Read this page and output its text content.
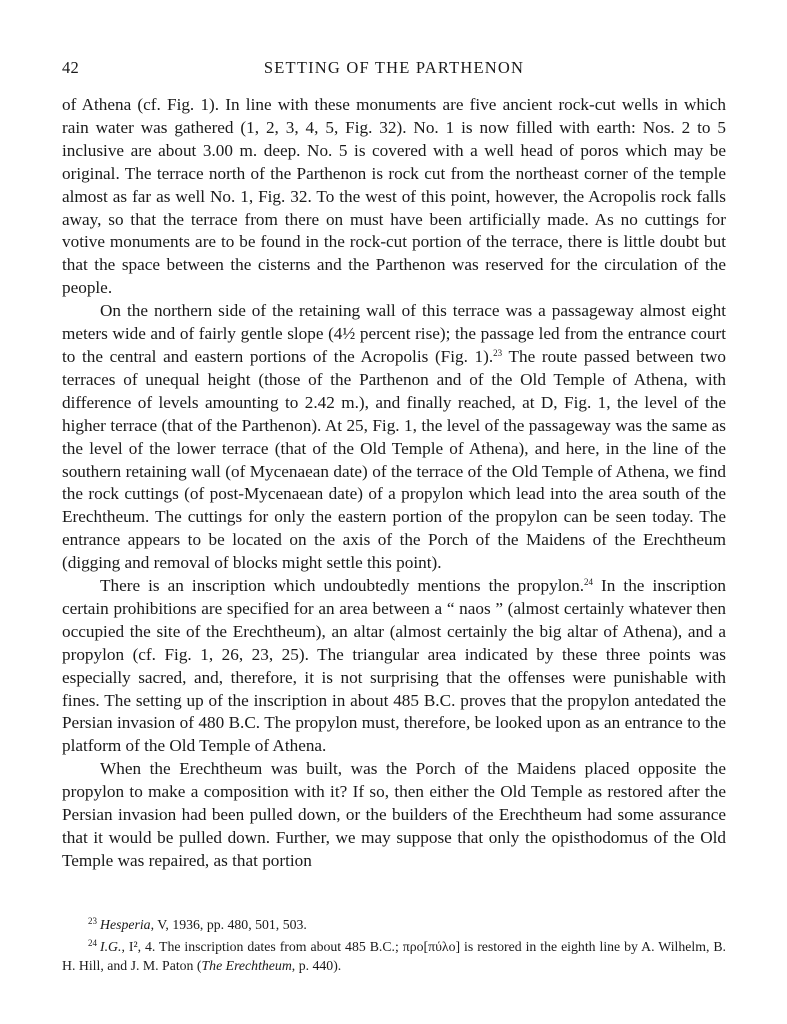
42	SETTING OF THE PARTHENON

of Athena (cf. Fig. 1). In line with these monuments are five ancient rock-cut wells in which rain water was gathered (1, 2, 3, 4, 5, Fig. 32). No. 1 is now filled with earth: Nos. 2 to 5 inclusive are about 3.00 m. deep. No. 5 is covered with a well head of poros which may be original. The terrace north of the Parthenon is rock cut from the northeast corner of the temple almost as far as well No. 1, Fig. 32. To the west of this point, however, the Acropolis rock falls away, so that the terrace from there on must have been artificially made. As no cuttings for votive monuments are to be found in the rock-cut portion of the terrace, there is little doubt but that the space between the cisterns and the Parthenon was reserved for the circulation of the people.

On the northern side of the retaining wall of this terrace was a passageway almost eight meters wide and of fairly gentle slope (4½ percent rise); the passage led from the entrance court to the central and eastern portions of the Acropolis (Fig. 1).$^{23}$ The route passed between two terraces of unequal height (those of the Parthenon and of the Old Temple of Athena, with difference of levels amounting to 2.42 m.), and finally reached, at D, Fig. 1, the level of the higher terrace (that of the Parthenon). At 25, Fig. 1, the level of the passageway was the same as the level of the lower terrace (that of the Old Temple of Athena), and here, in the line of the southern retaining wall (of Mycenaean date) of the terrace of the Old Temple of Athena, we find the rock cuttings (of post-Mycenaean date) of a propylon which lead into the area south of the Erechtheum. The cuttings for only the eastern portion of the propylon can be seen today. The entrance appears to be located on the axis of the Porch of the Maidens of the Erechtheum (digging and removal of blocks might settle this point).

There is an inscription which undoubtedly mentions the propylon.$^{24}$ In the inscription certain prohibitions are specified for an area between a “ naos ” (almost certainly whatever then occupied the site of the Erechtheum), an altar (almost certainly the big altar of Athena), and a propylon (cf. Fig. 1, 26, 23, 25). The triangular area indicated by these three points was especially sacred, and, therefore, it is not surprising that the offenses were punishable with fines. The setting up of the inscription in about 485 B.C. proves that the propylon antedated the Persian invasion of 480 B.C. The propylon must, therefore, be looked upon as an entrance to the platform of the Old Temple of Athena.

When the Erechtheum was built, was the Porch of the Maidens placed opposite the propylon to make a composition with it? If so, then either the Old Temple as restored after the Persian invasion had been pulled down, or the builders of the Erechtheum had some assurance that it would be pulled down. Further, we may suppose that only the opisthodomus of the Old Temple was repaired, as that portion

$^{23}$ Hesperia, V, 1936, pp. 480, 501, 503.

$^{24}$ I.G., I², 4. The inscription dates from about 485 B.C.; προ[πύλο] is restored in the eighth line by A. Wilhelm, B. H. Hill, and J. M. Paton (The Erechtheum, p. 440).
